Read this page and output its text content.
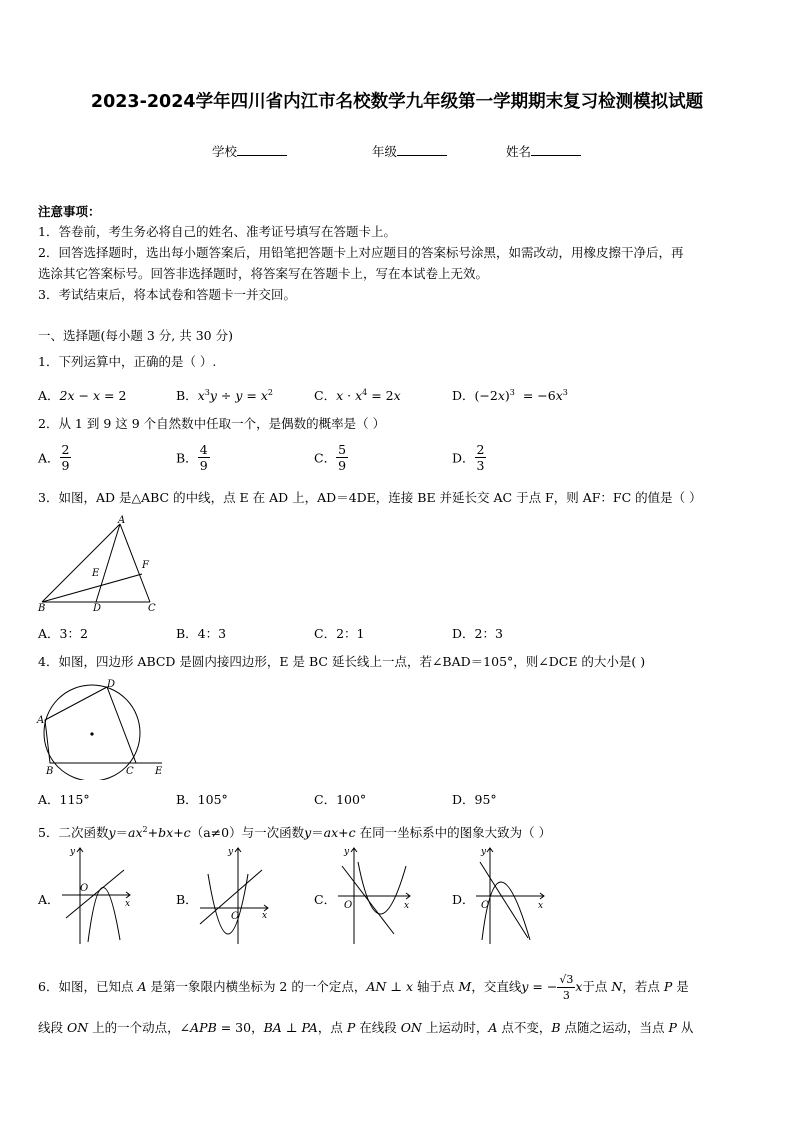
2023-2024学年四川省内江市名校数学九年级第一学期期末复习检测模拟试题
学校	年级	姓名
注意事项：
1．答卷前，考生务必将自己的姓名、准考证号填写在答题卡上。
2．回答选择题时，选出每小题答案后，用铅笔把答题卡上对应题目的答案标号涂黑，如需改动，用橡皮擦干净后，再
选涂其它答案标号。回答非选择题时，将答案写在答题卡上，写在本试卷上无效。
3．考试结束后，将本试卷和答题卡一并交回。
一、选择题(每小题 3 分, 共 30 分)
1．下列运算中，正确的是（ ）.
A．2x − x = 2	B．$x^3y \div y = x^2$	C．$x \cdot x^4 = 2x$	D．$(-2x)^3 = -6x^3$
2．从 1 到 9 这 9 个自然数中任取一个，是偶数的概率是（ ）
A． $\frac{2}{9}$	B． $\frac{4}{9}$	C． $\frac{5}{9}$	D． $\frac{2}{3}$
3．如图，AD 是△ABC 的中线，点 E 在 AD 上，AD＝4DE，连接 BE 并延长交 AC 于点 F，则 AF：FC 的值是（ ）
A
B	C
D
E
F
A．3：2	B．4：3	C．2：1	D．2：3
4．如图，四边形 ABCD 是圆内接四边形，E 是 BC 延长线上一点，若∠BAD＝105°，则∠DCE 的大小是( )
D
A
B	C E
A．115°	B．105°	C．100°	D．95°
5．二次函数$y=ax^2+bx+c(a\ne 0)$与一次函数y＝ax+c 在同一坐标系中的图象大致为（ ）
A．
y
x
O
B．
y
x
O
C．
y
x
O	D．
y
x
O
6．如图，已知点 A 是第一象限内横坐标为 2 的一个定点，AN ⊥ x 轴于点 M，交直线y = − $\frac{√3}{3}$ x于点 N，若点 P 是
线段 ON 上的一个动点，∠APB = 30，BA ⊥ PA，点 P 在线段 ON 上运动时，A 点不变，B 点随之运动，当点 P 从
